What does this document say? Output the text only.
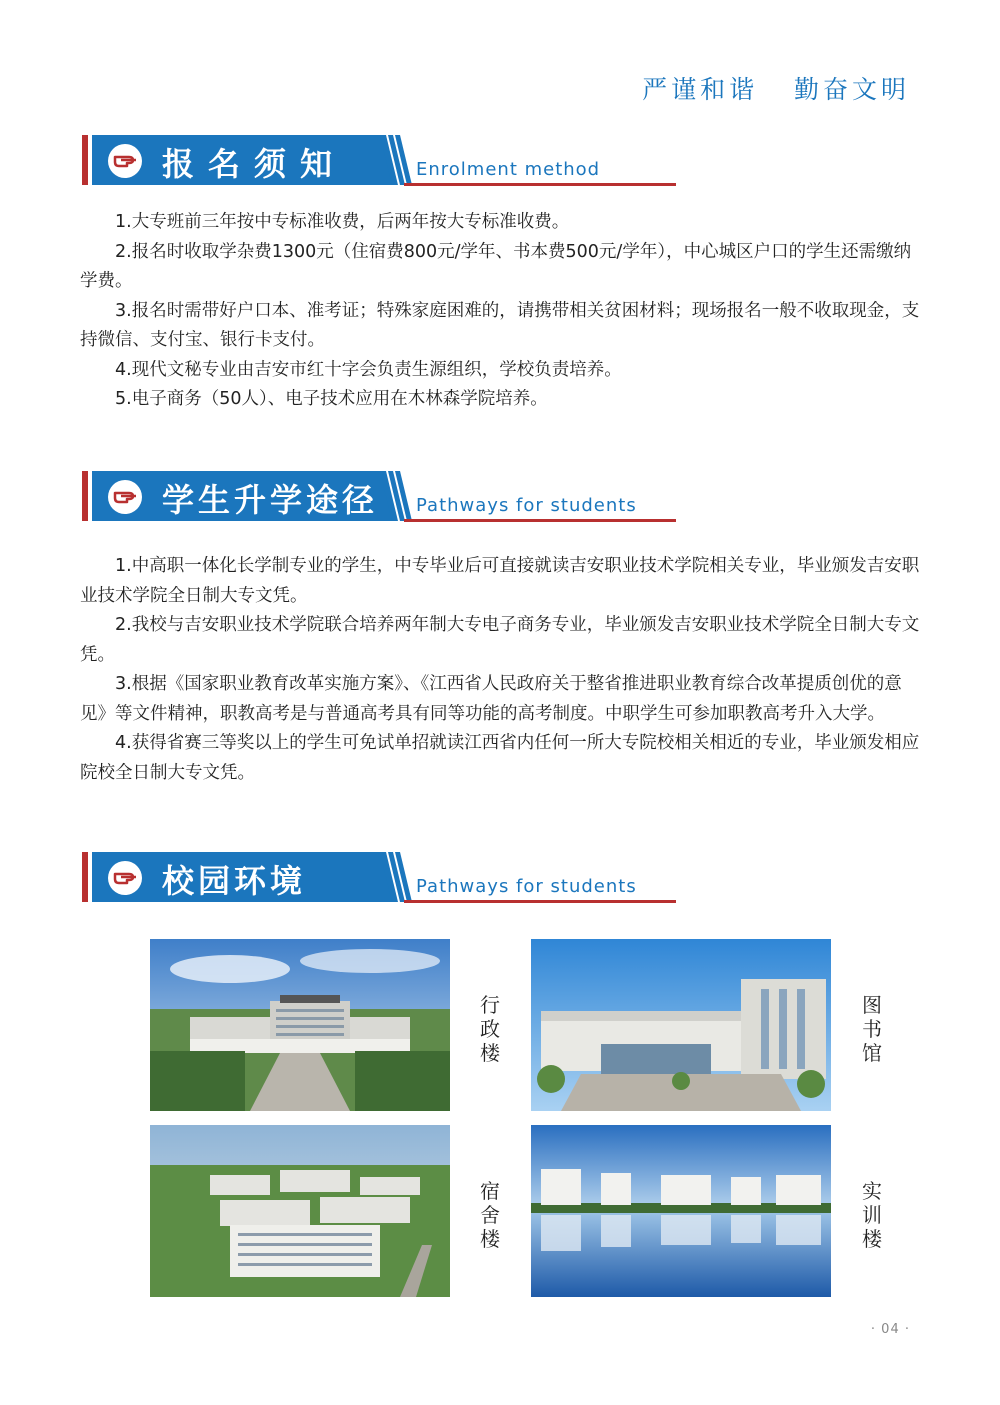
严谨和谐   勤奋文明
报名须知	Enrolment method

1.大专班前三年按中专标准收费，后两年按大专标准收费。

2.报名时收取学杂费1300元（住宿费800元/学年、书本费500元/学年），中心城区户口的学生还需缴纳学费。

3.报名时需带好户口本、准考证；特殊家庭困难的，请携带相关贫困材料；现场报名一般不收取现金，支持微信、支付宝、银行卡支付。

4.现代文秘专业由吉安市红十字会负责生源组织，学校负责培养。

5.电子商务（50人）、电子技术应用在木林森学院培养。

学生升学途径 Pathways for students

1.中高职一体化长学制专业的学生，中专毕业后可直接就读吉安职业技术学院相关专业，毕业颁发吉安职业技术学院全日制大专文凭。

2.我校与吉安职业技术学院联合培养两年制大专电子商务专业，毕业颁发吉安职业技术学院全日制大专文凭。

3.根据《国家职业教育改革实施方案》、《江西省人民政府关于整省推进职业教育综合改革提质创优的意见》等文件精神，职教高考是与普通高考具有同等功能的高考制度。中职学生可参加职教高考升入大学。

4.获得省赛三等奖以上的学生可免试单招就读江西省内任何一所大专院校相关相近的专业，毕业颁发相应院校全日制大专文凭。

校园环境	Pathways for students
行政楼
图书馆
宿舍楼
实训楼
· 04 ·
